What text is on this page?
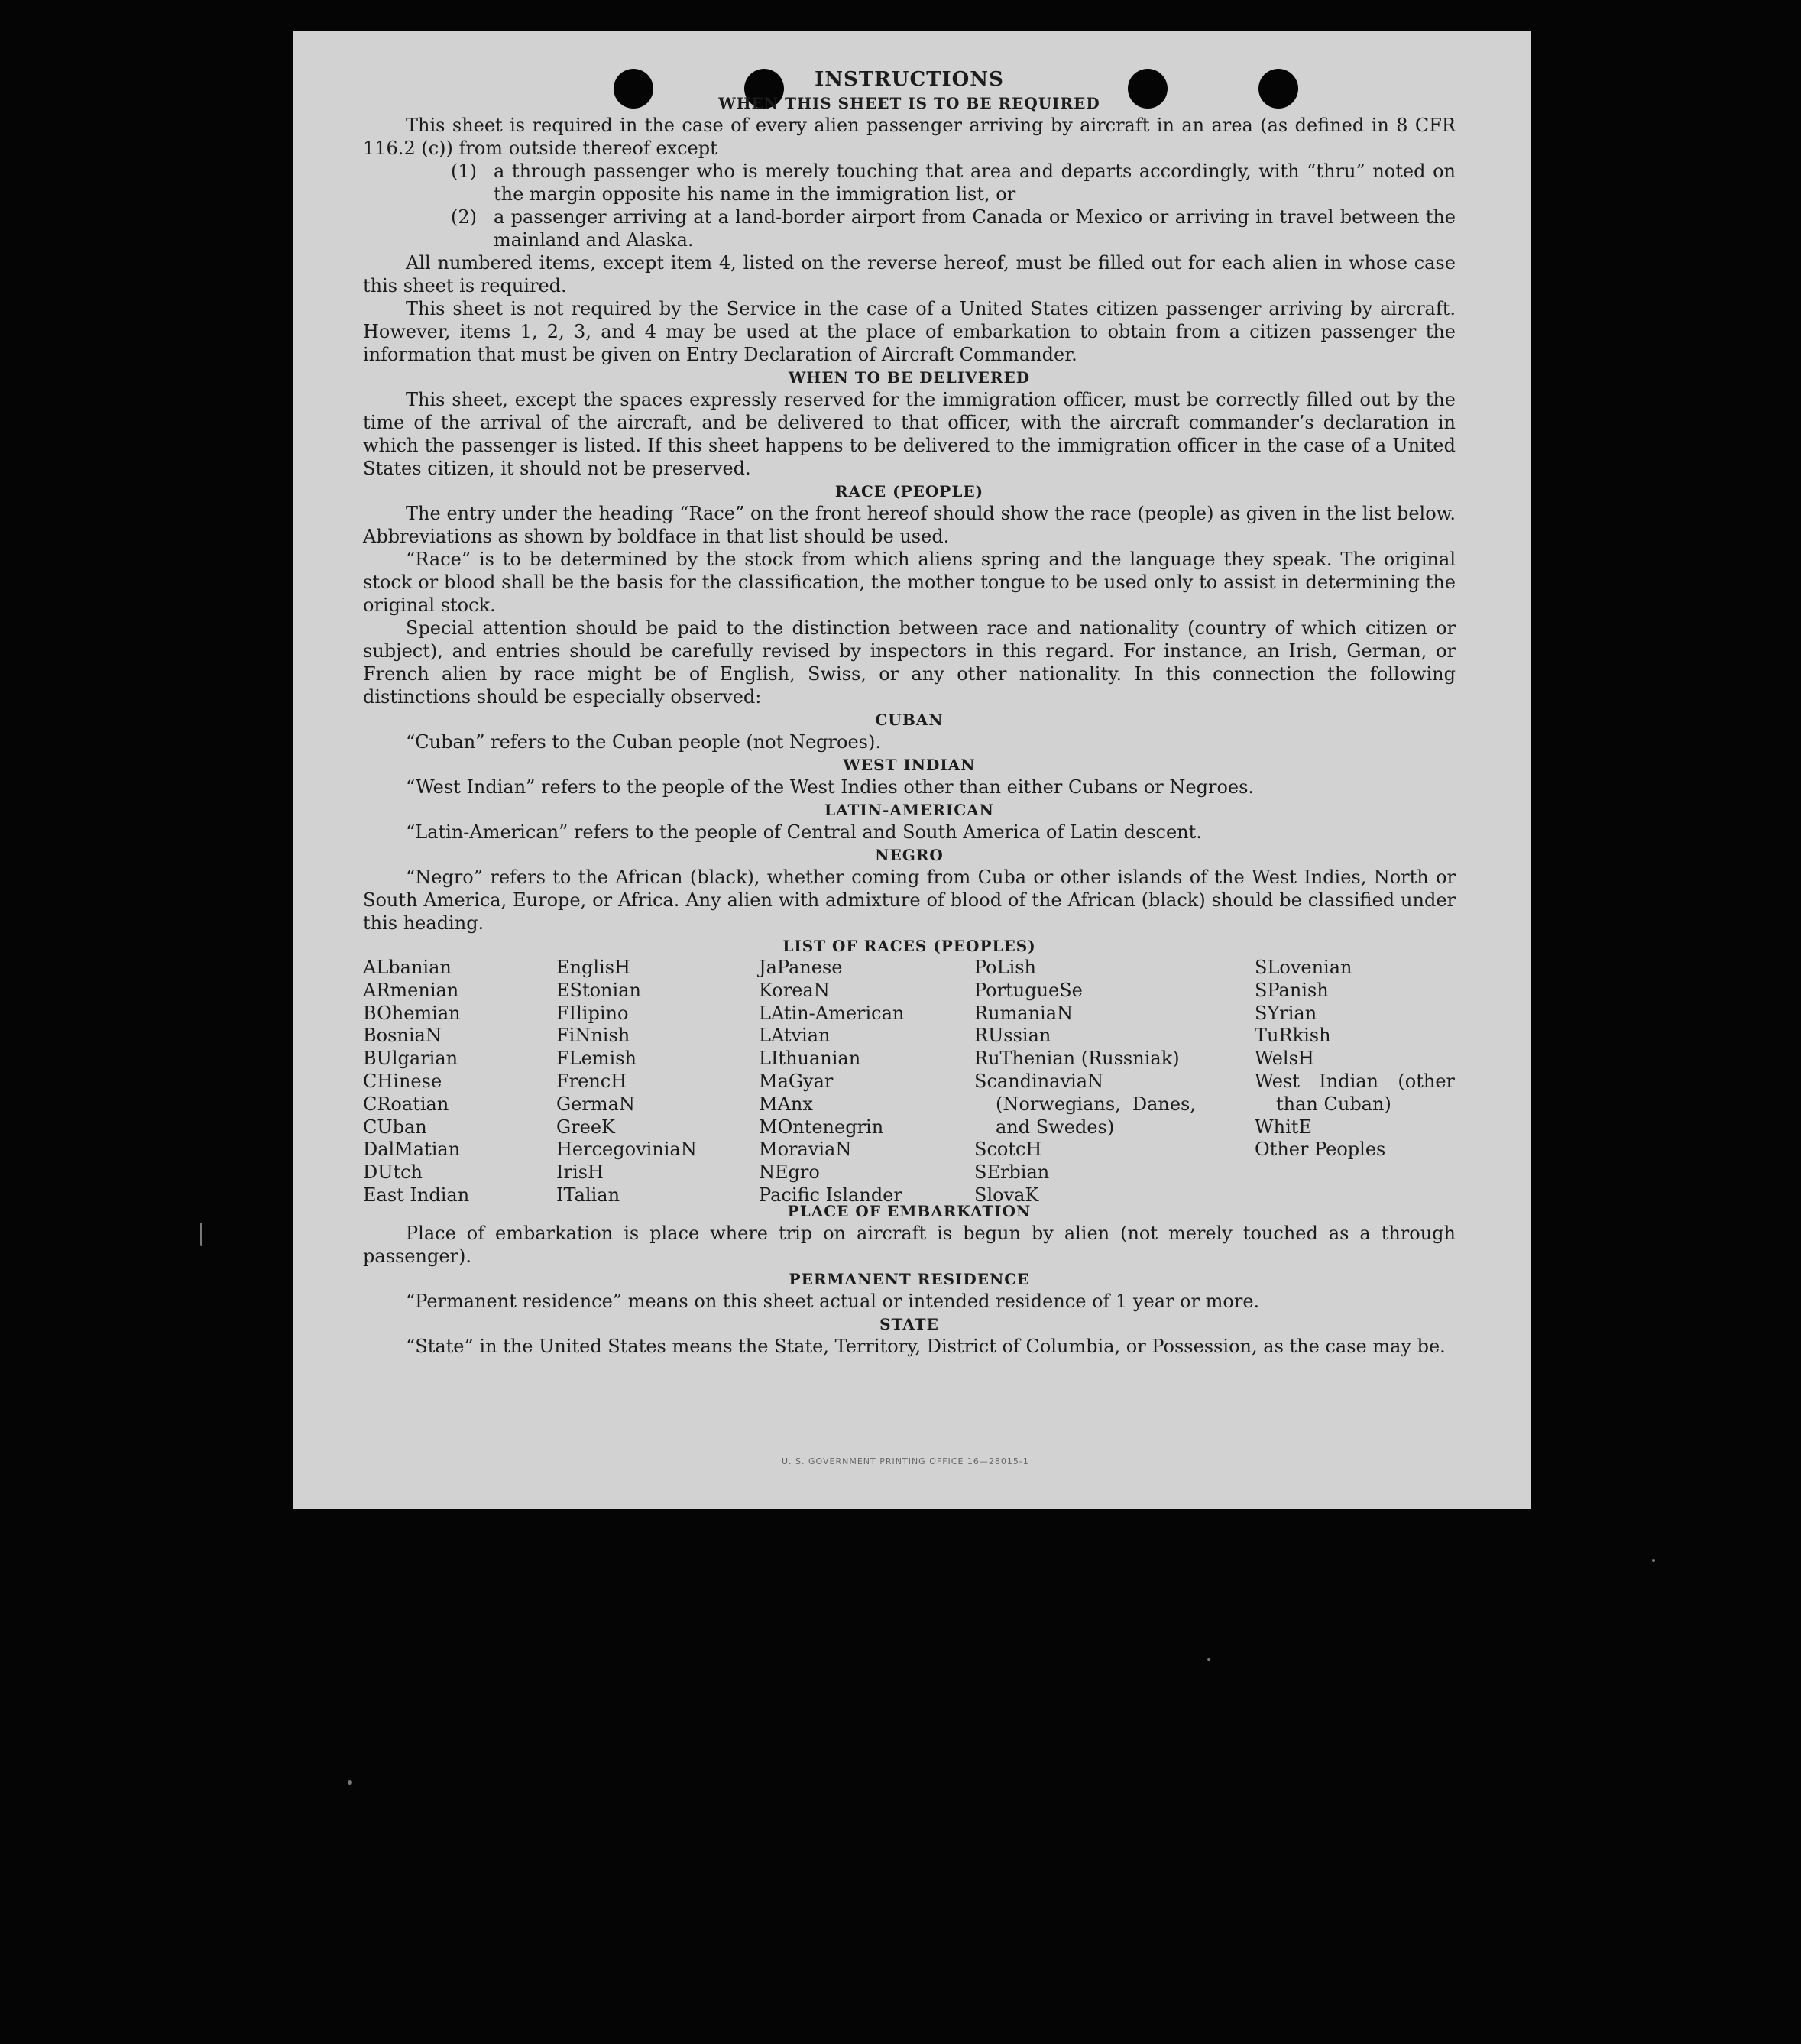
INSTRUCTIONS
WHEN THIS SHEET IS TO BE REQUIRED

This sheet is required in the case of every alien passenger arriving by aircraft in an area (as defined in 8 CFR 116.2 (c)) from outside thereof except

(1) a through passenger who is merely touching that area and departs accordingly, with “thru” noted on the margin opposite his name in the immigration list, or
(2) a passenger arriving at a land-border airport from Canada or Mexico or arriving in travel between the mainland and Alaska.

All numbered items, except item 4, listed on the reverse hereof, must be filled out for each alien in whose case this sheet is required.

This sheet is not required by the Service in the case of a United States citizen passenger arriving by aircraft. However, items 1, 2, 3, and 4 may be used at the place of embarkation to obtain from a citizen passenger the information that must be given on Entry Declaration of Aircraft Commander.

WHEN TO BE DELIVERED

This sheet, except the spaces expressly reserved for the immigration officer, must be correctly filled out by the time of the arrival of the aircraft, and be delivered to that officer, with the aircraft commander’s declaration in which the passenger is listed. If this sheet happens to be delivered to the immigration officer in the case of a United States citizen, it should not be preserved.

RACE (PEOPLE)

The entry under the heading “Race” on the front hereof should show the race (people) as given in the list below. Abbreviations as shown by boldface in that list should be used.

“Race” is to be determined by the stock from which aliens spring and the language they speak. The original stock or blood shall be the basis for the classification, the mother tongue to be used only to assist in determining the original stock.

Special attention should be paid to the distinction between race and nationality (country of which citizen or subject), and entries should be carefully revised by inspectors in this regard. For instance, an Irish, German, or French alien by race might be of English, Swiss, or any other nationality. In this connection the following distinctions should be especially observed:

CUBAN

“Cuban” refers to the Cuban people (not Negroes).

WEST INDIAN

“West Indian” refers to the people of the West Indies other than either Cubans or Negroes.

LATIN-AMERICAN

“Latin-American” refers to the people of Central and South America of Latin descent.

NEGRO

“Negro” refers to the African (black), whether coming from Cuba or other islands of the West Indies, North or South America, Europe, or Africa. Any alien with admixture of blood of the African (black) should be classified under this heading.

LIST OF RACES (PEOPLES)
ALbanian
ARmenian
BOhemian
BosniaN
BUlgarian
CHinese
CRoatian
CUban
DalMatian
DUtch
East Indian
EnglisH
EStonian
FIlipino
FiNnish
FLemish
FrencH
GermaN
GreeK
HercegoviniaN
IrisH
ITalian
JaPanese
KoreaN
LAtin-American
LAtvian
LIthuanian
MaGyar
MAnx
MOntenegrin
MoraviaN
NEgro
Pacific Islander
PoLish
PortugueSe
RumaniaN
RUssian
RuThenian (Russniak)
ScandinaviaN (Norwegians, Danes, and Swedes)
ScotcH
SErbian
SlovaK
SLovenian
SPanish
SYrian
TuRkish
WelsH
West Indian (other than Cuban)
WhitE
Other Peoples
PLACE OF EMBARKATION

Place of embarkation is place where trip on aircraft is begun by alien (not merely touched as a through passenger).

PERMANENT RESIDENCE

“Permanent residence” means on this sheet actual or intended residence of 1 year or more.

STATE

“State” in the United States means the State, Territory, District of Columbia, or Possession, as the case may be.

U. S. GOVERNMENT PRINTING OFFICE 16—28015-1
